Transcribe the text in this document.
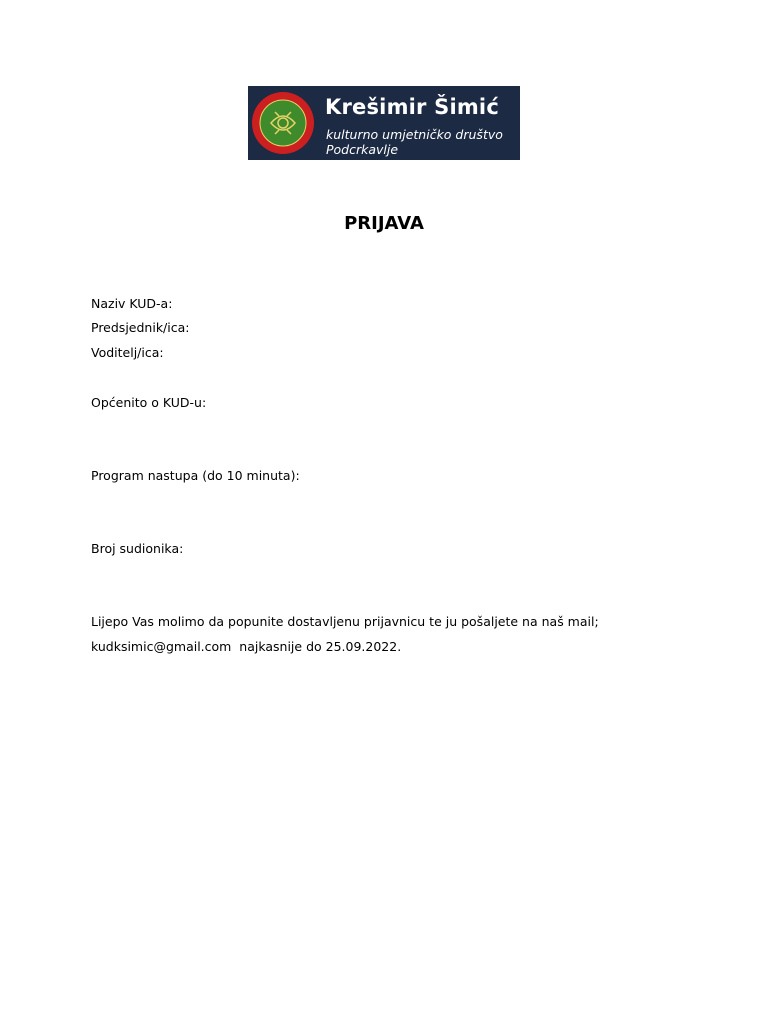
Krešimir Šimić
kulturno umjetničko društvo
Podcrkavlje
PRIJAVA
Naziv KUD-a:
Predsjednik/ica:
Voditelj/ica:
Općenito o KUD-u:
Program nastupa (do 10 minuta):
Broj sudionika:
Lijepo Vas molimo da popunite dostavljenu prijavnicu te ju pošaljete na naš mail;
kudksimic@gmail.com  najkasnije do 25.09.2022.
